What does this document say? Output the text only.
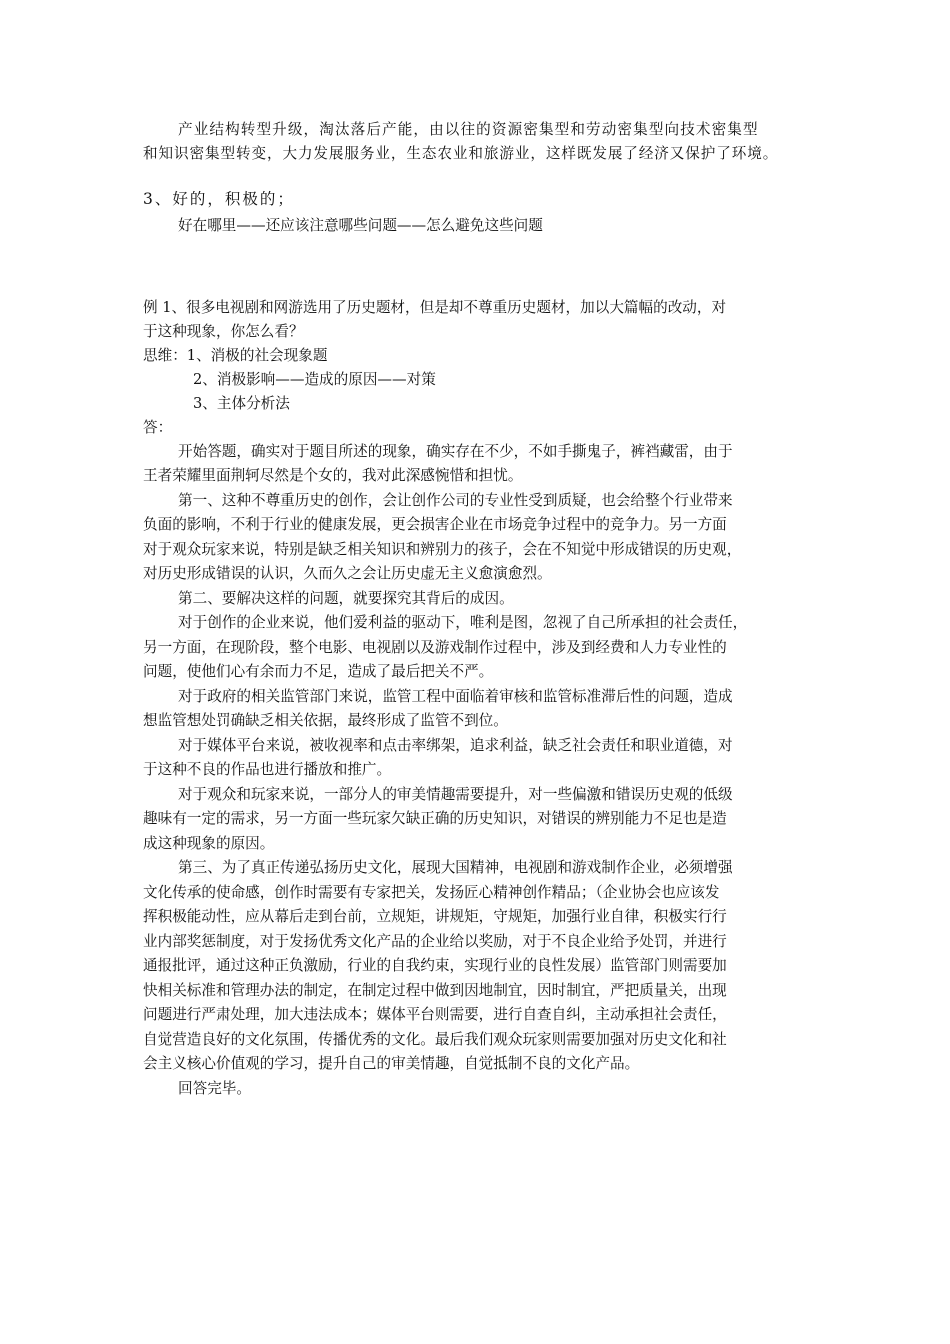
产业结构转型升级，淘汰落后产能，由以往的资源密集型和劳动密集型向技术密集型
和知识密集型转变，大力发展服务业，生态农业和旅游业，这样既发展了经济又保护了环境。
3、好的，积极的；
好在哪里——还应该注意哪些问题——怎么避免这些问题
例 1、很多电视剧和网游选用了历史题材，但是却不尊重历史题材，加以大篇幅的改动，对
于这种现象，你怎么看？
思维：1、消极的社会现象题
2、消极影响——造成的原因——对策
3、主体分析法
答：
开始答题，确实对于题目所述的现象，确实存在不少，不如手撕鬼子，裤裆藏雷，由于
王者荣耀里面荆轲尽然是个女的，我对此深感惋惜和担忧。
第一、这种不尊重历史的创作，会让创作公司的专业性受到质疑，也会给整个行业带来
负面的影响，不利于行业的健康发展，更会损害企业在市场竞争过程中的竞争力。另一方面
对于观众玩家来说，特别是缺乏相关知识和辨别力的孩子，会在不知觉中形成错误的历史观，
对历史形成错误的认识，久而久之会让历史虚无主义愈演愈烈。
第二、要解决这样的问题，就要探究其背后的成因。
对于创作的企业来说，他们爱利益的驱动下，唯利是图，忽视了自己所承担的社会责任，
另一方面，在现阶段，整个电影、电视剧以及游戏制作过程中，涉及到经费和人力专业性的
问题，使他们心有余而力不足，造成了最后把关不严。
对于政府的相关监管部门来说，监管工程中面临着审核和监管标准滞后性的问题，造成
想监管想处罚确缺乏相关依据，最终形成了监管不到位。
对于媒体平台来说，被收视率和点击率绑架，追求利益，缺乏社会责任和职业道德，对
于这种不良的作品也进行播放和推广。
对于观众和玩家来说，一部分人的审美情趣需要提升，对一些偏激和错误历史观的低级
趣味有一定的需求，另一方面一些玩家欠缺正确的历史知识，对错误的辨别能力不足也是造
成这种现象的原因。
第三、为了真正传递弘扬历史文化，展现大国精神，电视剧和游戏制作企业，必须增强
文化传承的使命感，创作时需要有专家把关，发扬匠心精神创作精品；（企业协会也应该发
挥积极能动性，应从幕后走到台前，立规矩，讲规矩，守规矩，加强行业自律，积极实行行
业内部奖惩制度，对于发扬优秀文化产品的企业给以奖励，对于不良企业给予处罚，并进行
通报批评，通过这种正负激励，行业的自我约束，实现行业的良性发展）监管部门则需要加
快相关标准和管理办法的制定，在制定过程中做到因地制宜，因时制宜，严把质量关，出现
问题进行严肃处理，加大违法成本；媒体平台则需要，进行自查自纠，主动承担社会责任，
自觉营造良好的文化氛围，传播优秀的文化。最后我们观众玩家则需要加强对历史文化和社
会主义核心价值观的学习，提升自己的审美情趣，自觉抵制不良的文化产品。
回答完毕。
